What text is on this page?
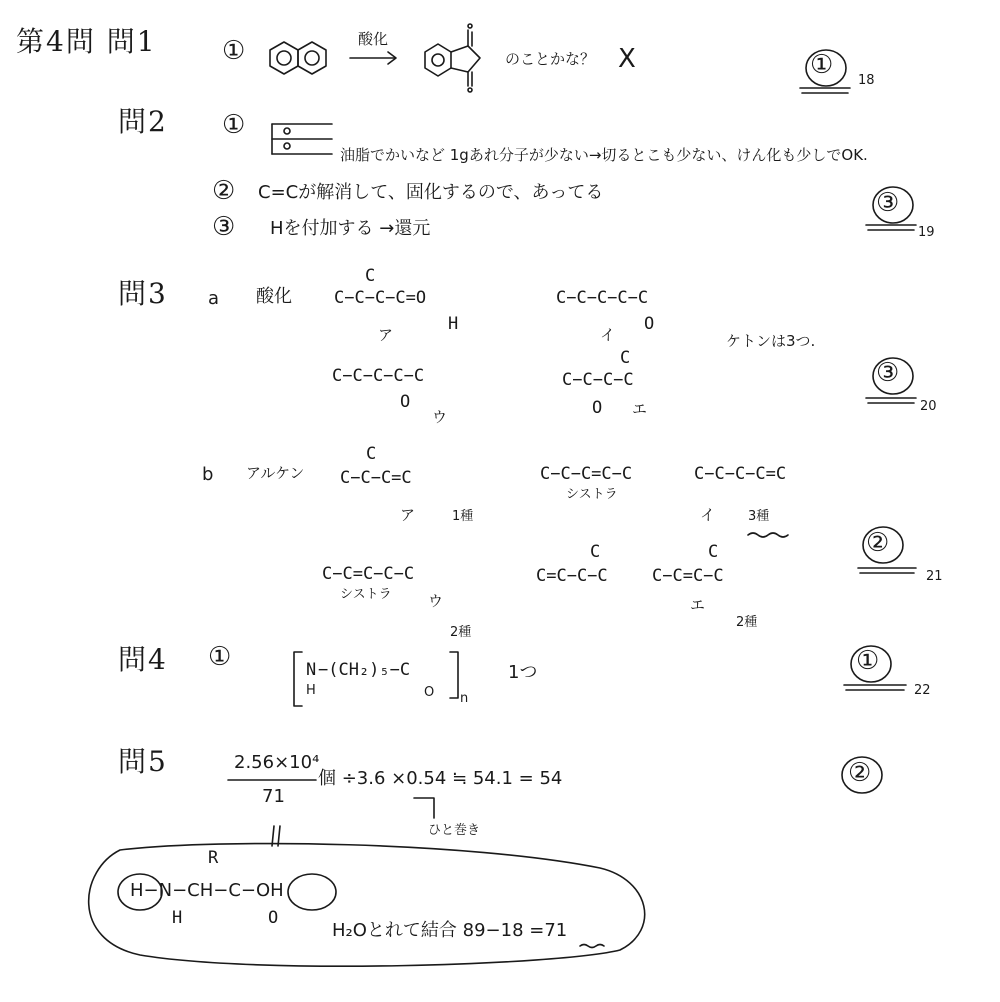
第4問 問1	①	酸化
のことかな？ X	①
18
問2 ①
油脂でかいなど 1gあれ分子が少ない→切るとこも少ない、けん化も少しでOK.
② C=Cが解消して、固化するので、あってる
③ Hを付加する →還元
③
19
問3 a 酸化
C
C−C−C−C=O
H
ア
C−C−C−C−C
O
イ	ケトンは3つ.
C−C−C−C−C
O
ウ
C
C−C−C−C
O エ
③
20
b アルケン
C
C−C−C=C
ア	1種
C−C−C=C−C
シストラ
C−C−C−C=C
イ	3種
C−C=C−C−C
シストラ ウ
C
C=C−C−C
C
C−C=C−C
エ
2種
②
21
2種
問4 ①	N
H
−(CH₂)₅−C
O n
1つ	①
22
問5	2.56×10⁴
71
個 ÷3.6 ×0.54 ≒ 54.1 = 54
ひと巻き
②
R
H−N−CH−C−OH
H	O
H₂Oとれて結合 89−18 =71
